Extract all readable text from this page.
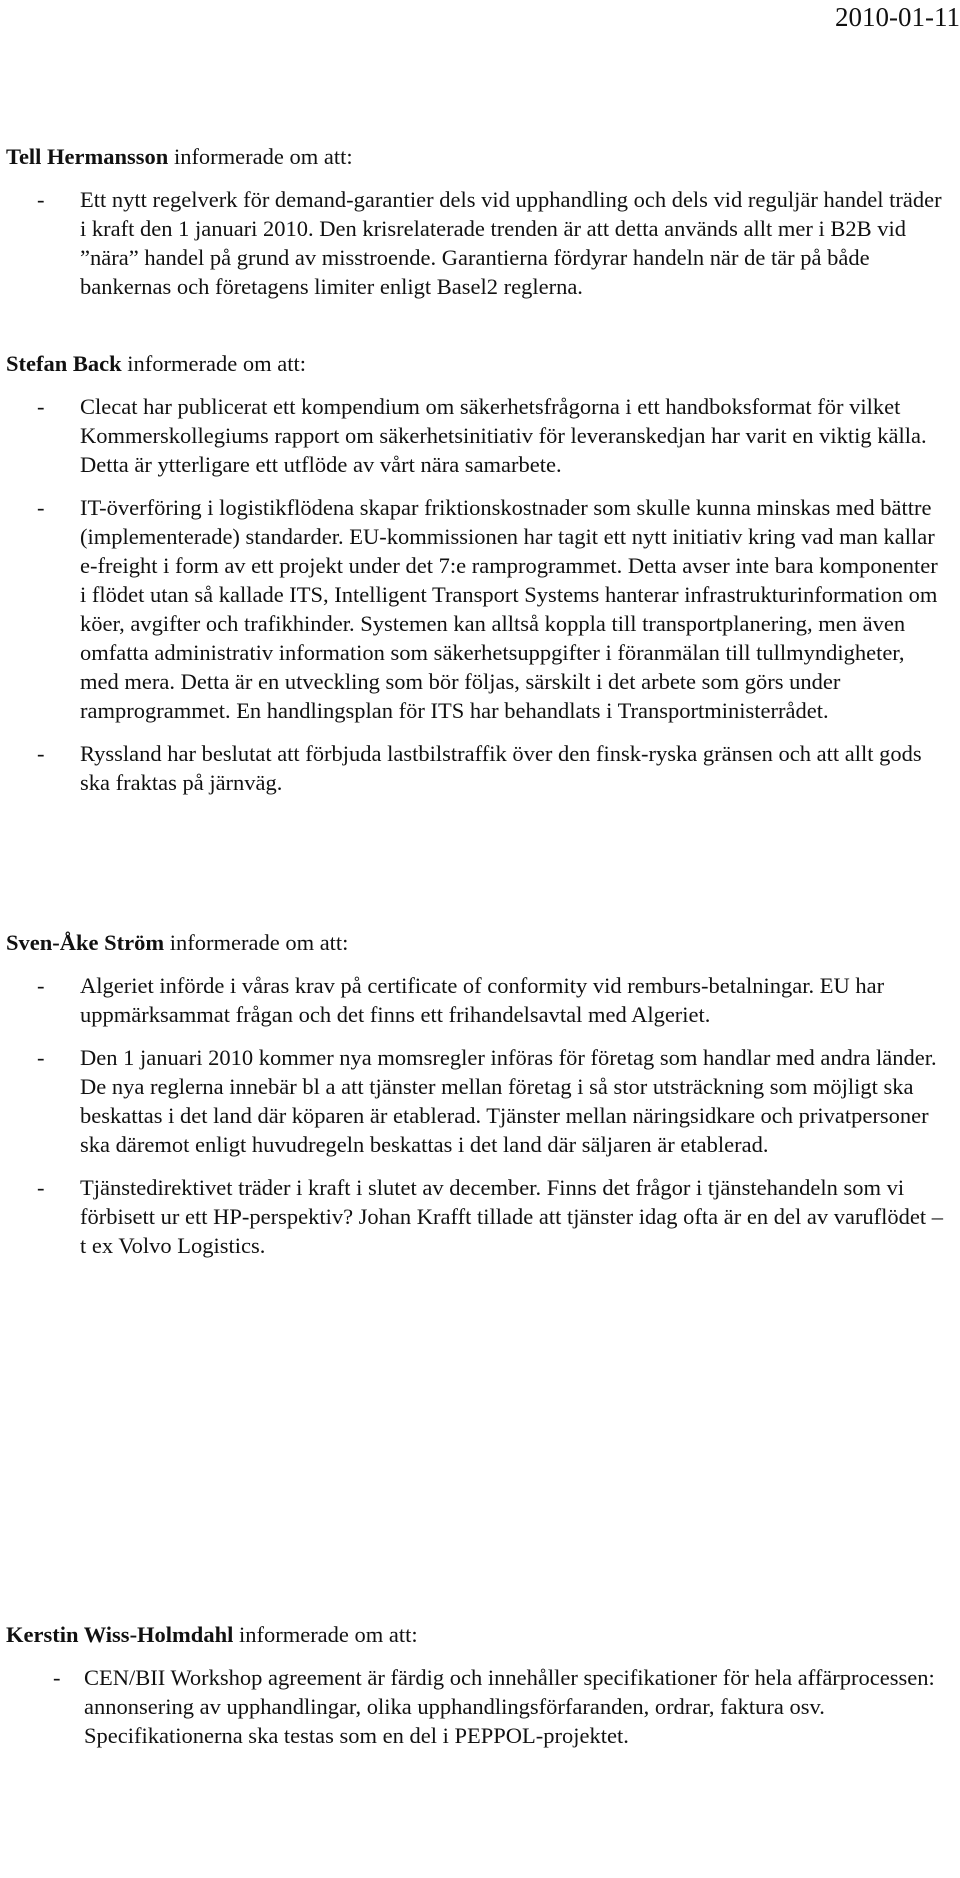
2010-01-11
Tell Hermansson informerade om att:
- Ett nytt regelverk för demand-garantier dels vid upphandling och dels vid reguljär handel träder i kraft den 1 januari 2010. Den krisrelaterade trenden är att detta används allt mer i B2B vid ”nära” handel på grund av misstroende. Garantierna fördyrar handeln när de tär på både bankernas och företagens limiter enligt Basel2 reglerna.
Stefan Back informerade om att:
- Clecat har publicerat ett kompendium om säkerhetsfrågorna i ett handboksformat för vilket Kommerskollegiums rapport om säkerhetsinitiativ för leveranskedjan har varit en viktig källa. Detta är ytterligare ett utflöde av vårt nära samarbete.
- IT-överföring i logistikflödena skapar friktionskostnader som skulle kunna minskas med bättre (implementerade) standarder. EU-kommissionen har tagit ett nytt initiativ kring vad man kallar e-freight i form av ett projekt under det 7:e ramprogrammet. Detta avser inte bara komponenter i flödet utan så kallade ITS, Intelligent Transport Systems hanterar infrastrukturinformation om köer, avgifter och trafikhinder. Systemen kan alltså koppla till transportplanering, men även omfatta administrativ information som säkerhetsuppgifter i föranmälan till tullmyndigheter, med mera. Detta är en utveckling som bör följas, särskilt i det arbete som görs under ramprogrammet. En handlingsplan för ITS har behandlats i Transportministerrådet.
- Ryssland har beslutat att förbjuda lastbilstraffik över den finsk-ryska gränsen och att allt gods ska fraktas på järnväg.
Sven-Åke Ström informerade om att:
- Algeriet införde i våras krav på certificate of conformity vid remburs-betalningar. EU har uppmärksammat frågan och det finns ett frihandelsavtal med Algeriet.
- Den 1 januari 2010 kommer nya momsregler införas för företag som handlar med andra länder. De nya reglerna innebär bl a att tjänster mellan företag i så stor utsträckning som möjligt ska beskattas i det land där köparen är etablerad. Tjänster mellan näringsidkare och privatpersoner ska däremot enligt huvudregeln beskattas i det land där säljaren är etablerad.
- Tjänstedirektivet träder i kraft i slutet av december. Finns det frågor i tjänstehandeln som vi förbisett ur ett HP-perspektiv? Johan Krafft tillade att tjänster idag ofta är en del av varuflödet – t ex Volvo Logistics.
Kerstin Wiss-Holmdahl informerade om att:
- CEN/BII Workshop agreement är färdig och innehåller specifikationer för hela affärprocessen: annonsering av upphandlingar, olika upphandlingsförfaranden, ordrar, faktura osv. Specifikationerna ska testas som en del i PEPPOL-projektet.
